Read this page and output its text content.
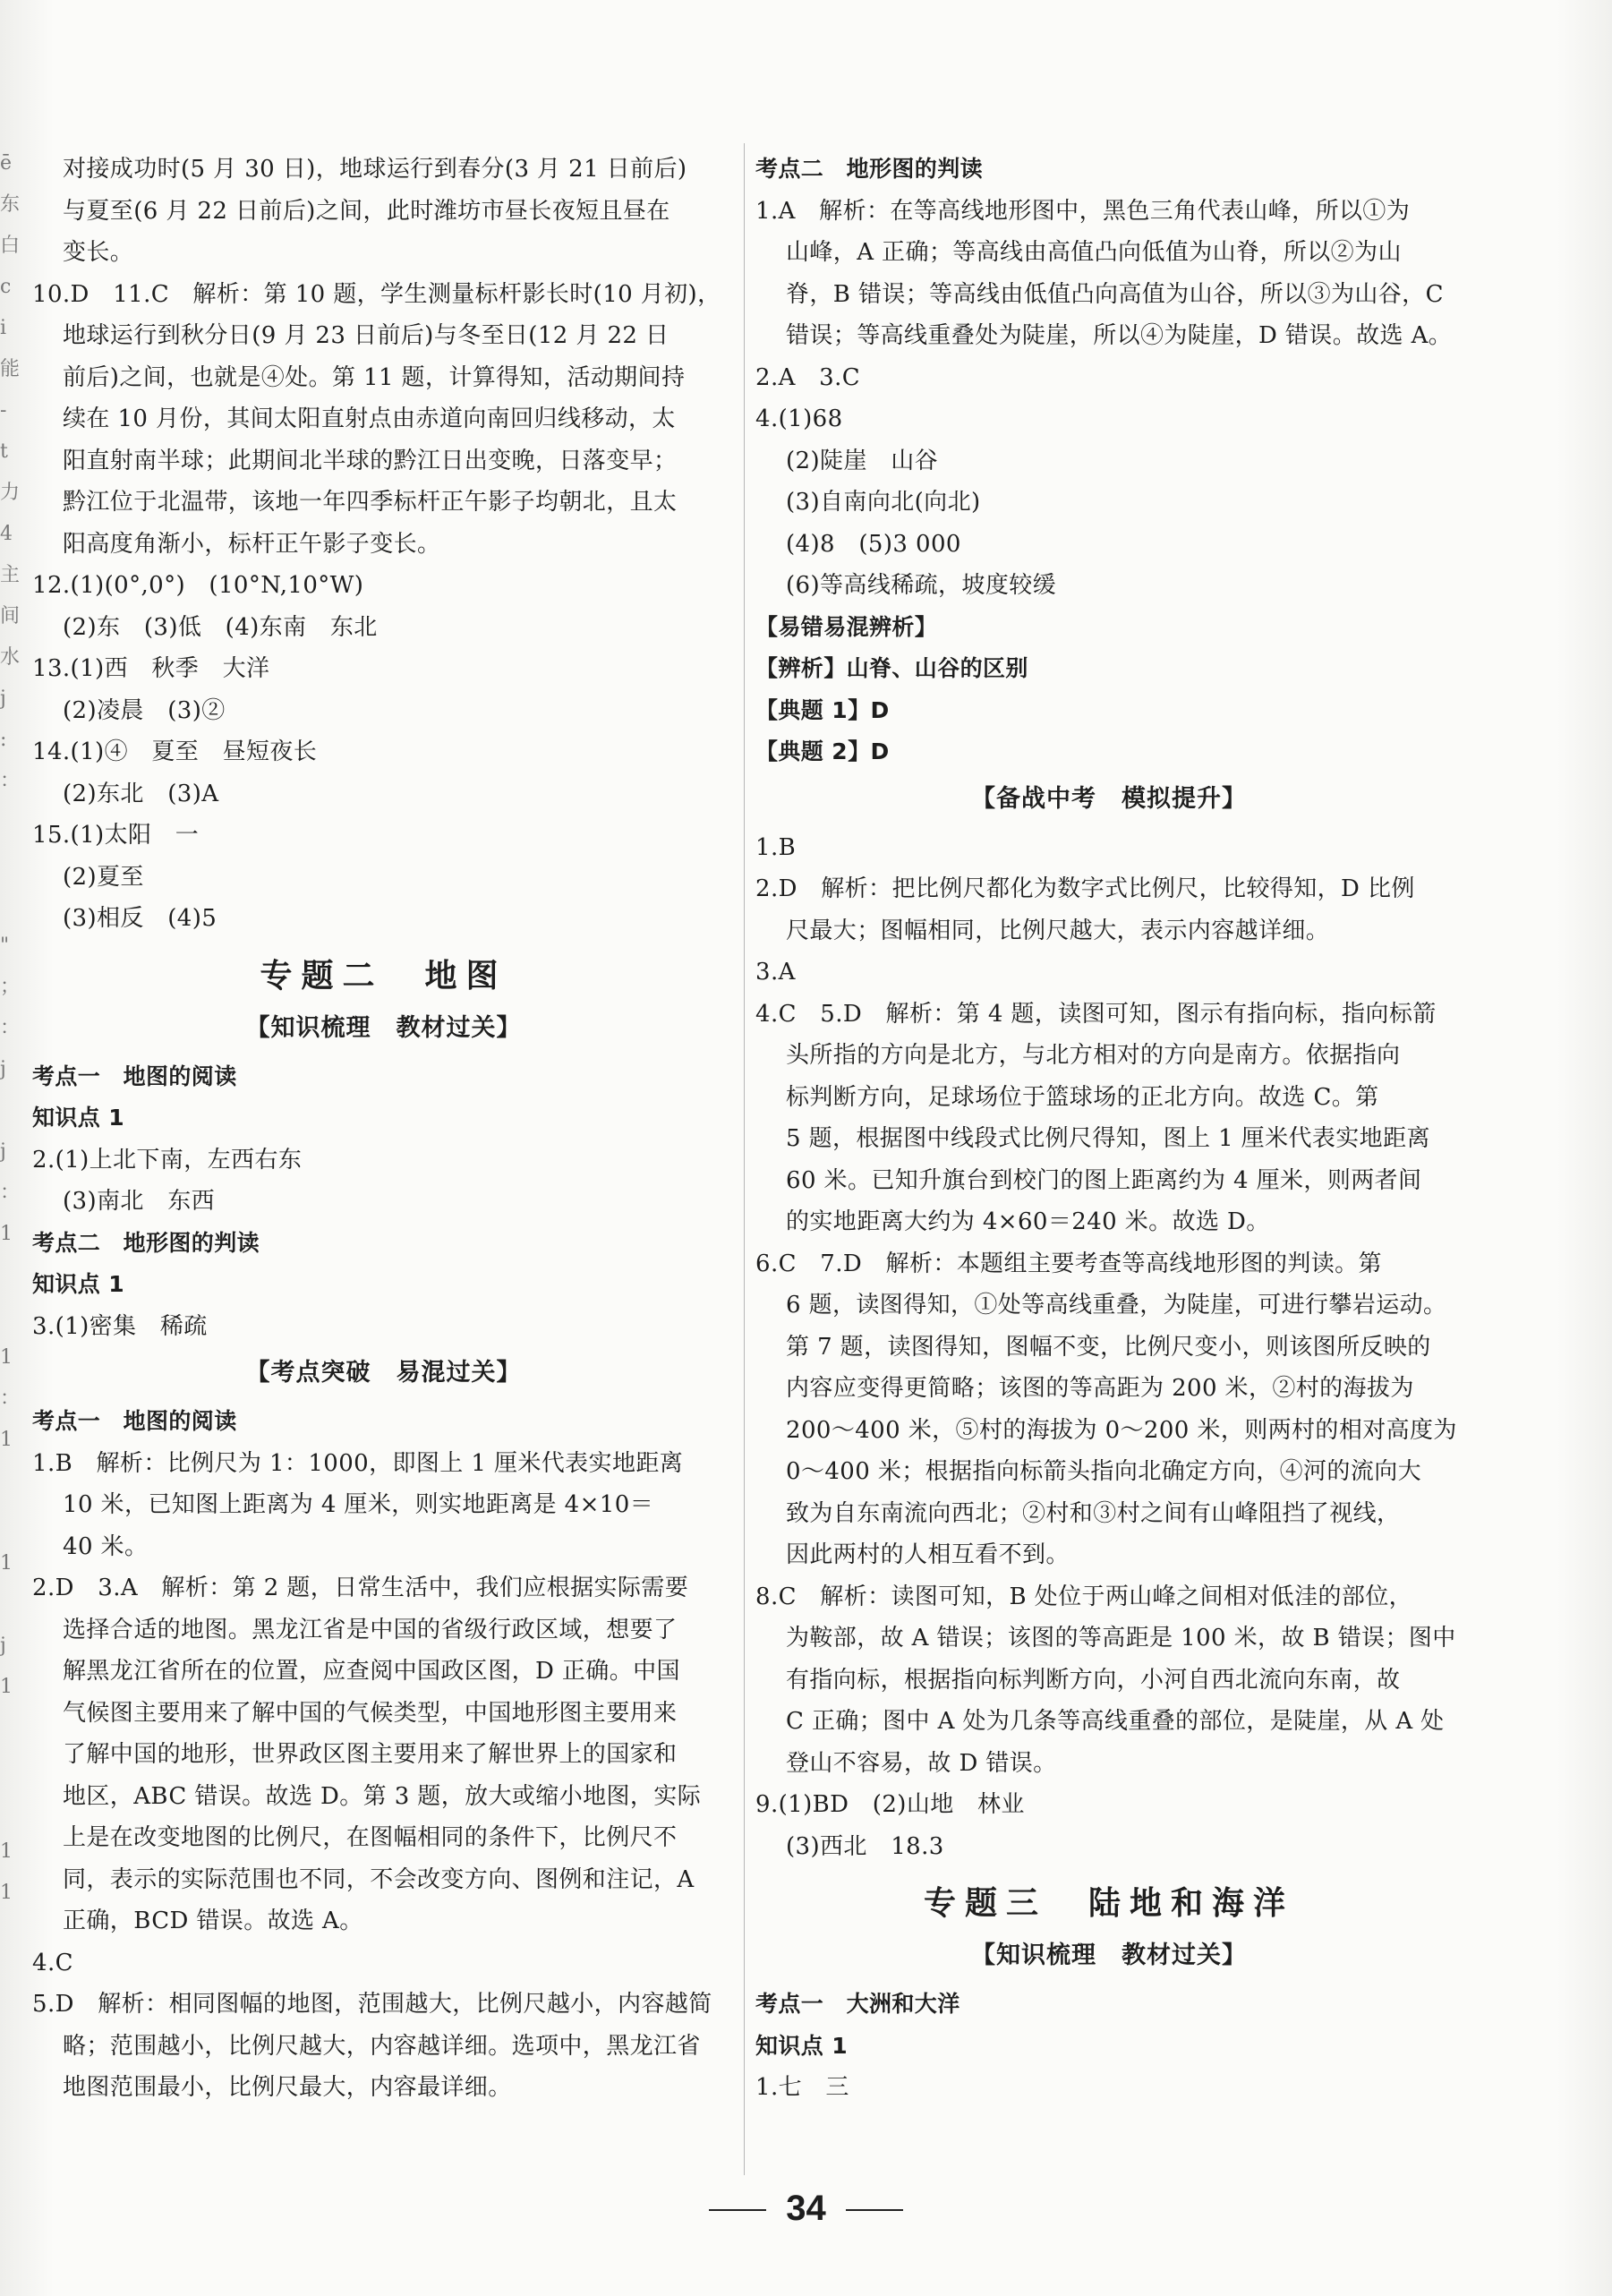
ē
东
白
c
i
能
-
t
力
4
主
间
水
j
:
：

"
；
：
j

j
：
1

1
：
1

1

j
1

1
1

对接成功时(5 月 30 日)，地球运行到春分(3 月 21 日前后)
与夏至(6 月 22 日前后)之间，此时潍坊市昼长夜短且昼在
变长。
10.D　11.C　解析：第 10 题，学生测量标杆影长时(10 月初)，
地球运行到秋分日(9 月 23 日前后)与冬至日(12 月 22 日
前后)之间，也就是④处。第 11 题，计算得知，活动期间持
续在 10 月份，其间太阳直射点由赤道向南回归线移动，太
阳直射南半球；此期间北半球的黔江日出变晚，日落变早；
黔江位于北温带，该地一年四季标杆正午影子均朝北，且太
阳高度角渐小，标杆正午影子变长。
12.(1)(0°,0°)　(10°N,10°W)
(2)东　(3)低　(4)东南　东北
13.(1)西　秋季　大洋
(2)凌晨　(3)②
14.(1)④　夏至　昼短夜长
(2)东北　(3)A
15.(1)太阳　一
(2)夏至
(3)相反　(4)5
专题二　地图
【知识梳理　教材过关】
考点一　地图的阅读
知识点 1
2.(1)上北下南，左西右东
(3)南北　东西
考点二　地形图的判读
知识点 1
3.(1)密集　稀疏
【考点突破　易混过关】
考点一　地图的阅读
1.B　解析：比例尺为 1：1000，即图上 1 厘米代表实地距离
10 米，已知图上距离为 4 厘米，则实地距离是 4×10＝
40 米。
2.D　3.A　解析：第 2 题，日常生活中，我们应根据实际需要
选择合适的地图。黑龙江省是中国的省级行政区域，想要了
解黑龙江省所在的位置，应查阅中国政区图，D 正确。中国
气候图主要用来了解中国的气候类型，中国地形图主要用来
了解中国的地形，世界政区图主要用来了解世界上的国家和
地区，ABC 错误。故选 D。第 3 题，放大或缩小地图，实际
上是在改变地图的比例尺，在图幅相同的条件下，比例尺不
同，表示的实际范围也不同，不会改变方向、图例和注记，A
正确，BCD 错误。故选 A。
4.C
5.D　解析：相同图幅的地图，范围越大，比例尺越小，内容越简
略；范围越小，比例尺越大，内容越详细。选项中，黑龙江省
地图范围最小，比例尺最大，内容最详细。
考点二　地形图的判读
1.A　解析：在等高线地形图中，黑色三角代表山峰，所以①为
山峰，A 正确；等高线由高值凸向低值为山脊，所以②为山
脊，B 错误；等高线由低值凸向高值为山谷，所以③为山谷，C
错误；等高线重叠处为陡崖，所以④为陡崖，D 错误。故选 A。
2.A　3.C
4.(1)68
(2)陡崖　山谷
(3)自南向北(向北)
(4)8　(5)3 000
(6)等高线稀疏，坡度较缓
【易错易混辨析】
【辨析】山脊、山谷的区别
【典题 1】D
【典题 2】D
【备战中考　模拟提升】
1.B
2.D　解析：把比例尺都化为数字式比例尺，比较得知，D 比例
尺最大；图幅相同，比例尺越大，表示内容越详细。
3.A
4.C　5.D　解析：第 4 题，读图可知，图示有指向标，指向标箭
头所指的方向是北方，与北方相对的方向是南方。依据指向
标判断方向，足球场位于篮球场的正北方向。故选 C。第
5 题，根据图中线段式比例尺得知，图上 1 厘米代表实地距离
60 米。已知升旗台到校门的图上距离约为 4 厘米，则两者间
的实地距离大约为 4×60＝240 米。故选 D。
6.C　7.D　解析：本题组主要考查等高线地形图的判读。第
6 题，读图得知，①处等高线重叠，为陡崖，可进行攀岩运动。
第 7 题，读图得知，图幅不变，比例尺变小，则该图所反映的
内容应变得更简略；该图的等高距为 200 米，②村的海拔为
200～400 米，⑤村的海拔为 0～200 米，则两村的相对高度为
0～400 米；根据指向标箭头指向北确定方向，④河的流向大
致为自东南流向西北；②村和③村之间有山峰阻挡了视线，
因此两村的人相互看不到。
8.C　解析：读图可知，B 处位于两山峰之间相对低洼的部位，
为鞍部，故 A 错误；该图的等高距是 100 米，故 B 错误；图中
有指向标，根据指向标判断方向，小河自西北流向东南，故
C 正确；图中 A 处为几条等高线重叠的部位，是陡崖，从 A 处
登山不容易，故 D 错误。
9.(1)BD　(2)山地　林业
(3)西北　18.3
专题三　陆地和海洋
【知识梳理　教材过关】
考点一　大洲和大洋
知识点 1
1.七　三
34
